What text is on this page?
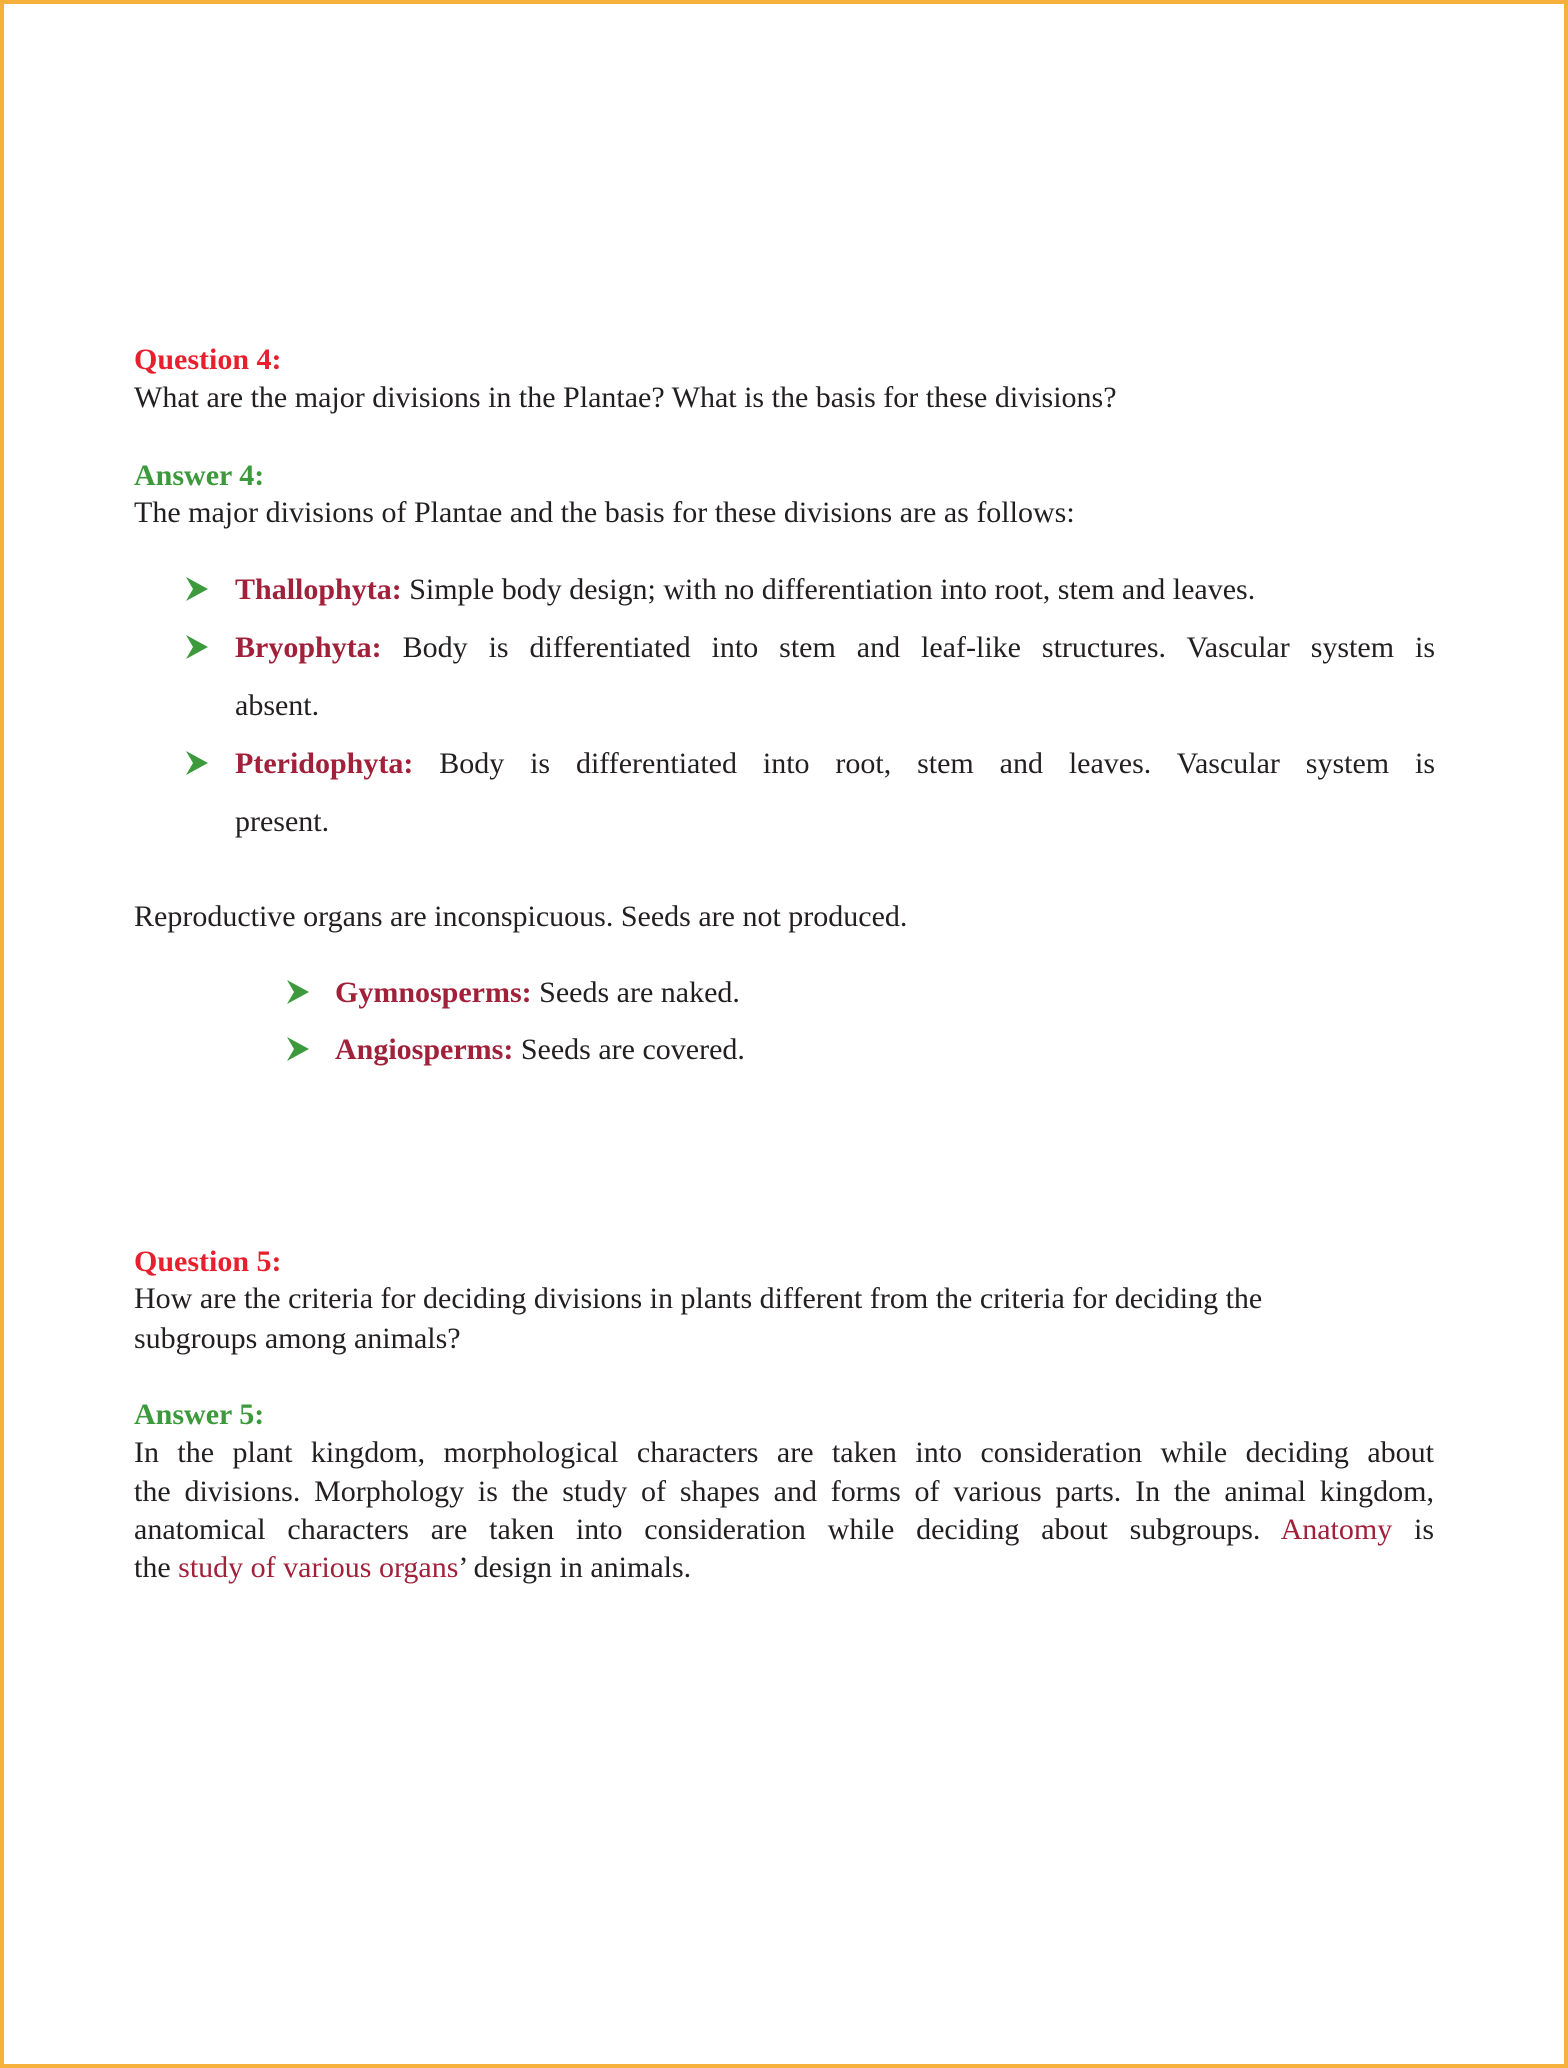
Question 4:
What are the major divisions in the Plantae? What is the basis for these divisions?
Answer 4:
The major divisions of Plantae and the basis for these divisions are as follows:
Thallophyta: Simple body design; with no differentiation into root, stem and leaves.
Bryophyta: Body is differentiated into stem and leaf-like structures. Vascular system is
absent.
Pteridophyta: Body is differentiated into root, stem and leaves. Vascular system is
present.
Reproductive organs are inconspicuous. Seeds are not produced.
Gymnosperms: Seeds are naked.
Angiosperms: Seeds are covered.
Question 5:
How are the criteria for deciding divisions in plants different from the criteria for deciding the
subgroups among animals?
Answer 5:
In the plant kingdom, morphological characters are taken into consideration while deciding about
the divisions. Morphology is the study of shapes and forms of various parts. In the animal kingdom,
anatomical characters are taken into consideration while deciding about subgroups. Anatomy is
the study of various organs’ design in animals.
